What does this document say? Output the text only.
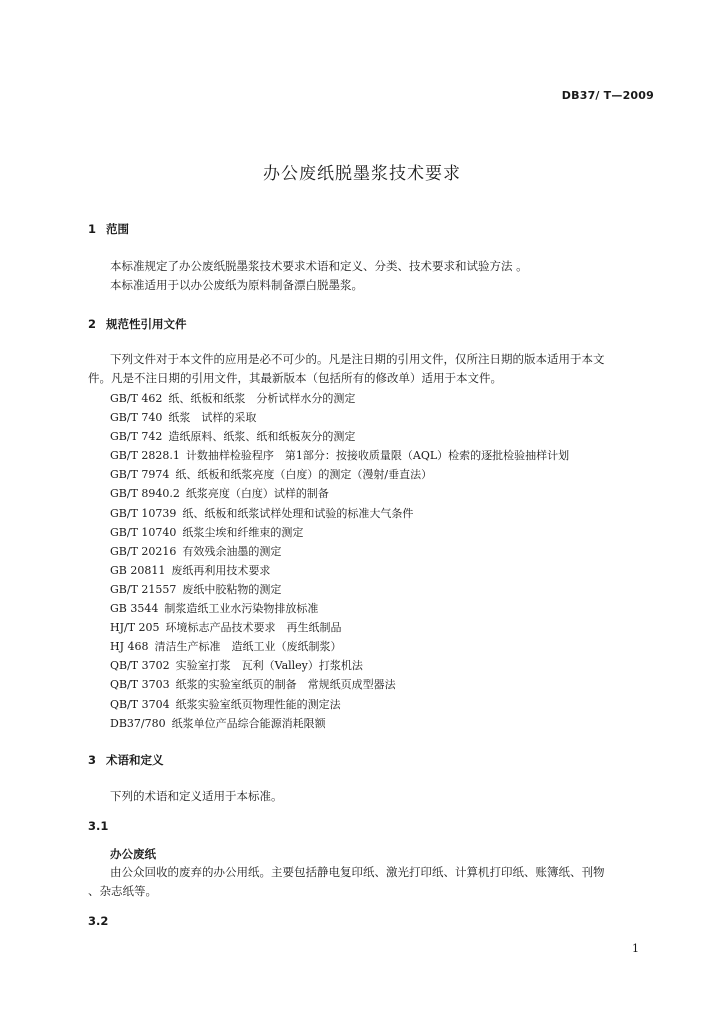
DB37/ T—2009
办公废纸脱墨浆技术要求
1 范围
本标准规定了办公废纸脱墨浆技术要求术语和定义、分类、技术要求和试验方法 。
本标准适用于以办公废纸为原料制备漂白脱墨浆。
2 规范性引用文件
下列文件对于本文件的应用是必不可少的。凡是注日期的引用文件，仅所注日期的版本适用于本文
件。凡是不注日期的引用文件，其最新版本（包括所有的修改单）适用于本文件。
GB/T 462 纸、纸板和纸浆　分析试样水分的测定
GB/T 740 纸浆　试样的采取
GB/T 742 造纸原料、纸浆、纸和纸板灰分的测定
GB/T 2828.1 计数抽样检验程序　第1部分：按接收质量限（AQL）检索的逐批检验抽样计划
GB/T 7974 纸、纸板和纸浆亮度（白度）的测定（漫射/垂直法）
GB/T 8940.2 纸浆亮度（白度）试样的制备
GB/T 10739 纸、纸板和纸浆试样处理和试验的标准大气条件
GB/T 10740 纸浆尘埃和纤维束的测定
GB/T 20216 有效残余油墨的测定
GB 20811 废纸再利用技术要求
GB/T 21557 废纸中胶粘物的测定
GB 3544 制浆造纸工业水污染物排放标准
HJ/T 205 环境标志产品技术要求　再生纸制品
HJ 468 清洁生产标准　造纸工业（废纸制浆）
QB/T 3702 实验室打浆　瓦利（Valley）打浆机法
QB/T 3703 纸浆的实验室纸页的制备　常规纸页成型器法
QB/T 3704 纸浆实验室纸页物理性能的测定法
DB37/780 纸浆单位产品综合能源消耗限额
3 术语和定义
下列的术语和定义适用于本标准。
3.1
办公废纸
由公众回收的废弃的办公用纸。主要包括静电复印纸、激光打印纸、计算机打印纸、账簿纸、刊物
、杂志纸等。
3.2
1
